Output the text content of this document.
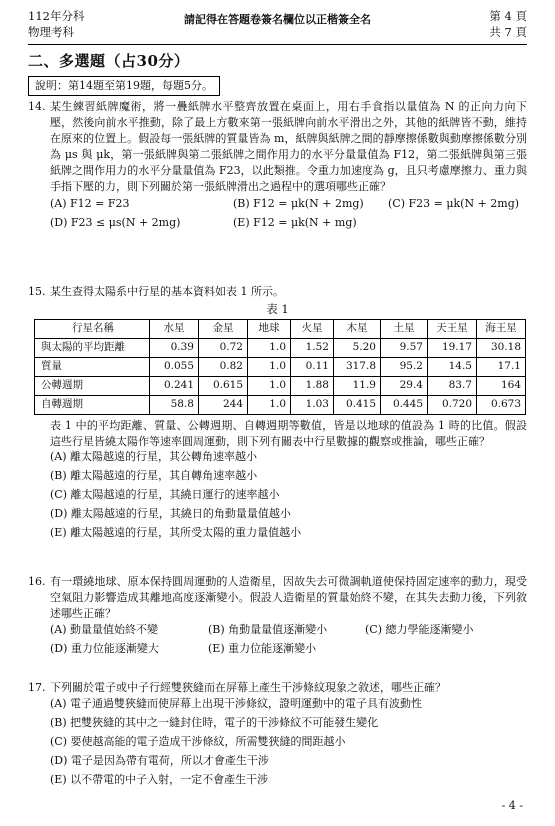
112年分科
物理考科
請記得在答題卷簽名欄位以正楷簽全名	第 4 頁
共 7 頁
二、多選題（占30分）
說明：第14題至第19題，每題5分。
14. 某生練習紙牌魔術，將一疊紙牌水平整齊放置在桌面上，用右手食指以量值為 N 的正向力向下壓，然後向前水平推動，除了最上方數來第一張紙牌向前水平滑出之外，其他的紙牌皆不動，維持在原來的位置上。假設每一張紙牌的質量皆為 m，紙牌與紙牌之間的靜摩擦係數與動摩擦係數分別為 μs 與 μk，第一張紙牌與第二張紙牌之間作用力的水平分量量值為 F12，第二張紙牌與第三張紙牌之間作用力的水平分量量值為 F23，以此類推。令重力加速度為 g，且只考慮摩擦力、重力與手指下壓的力，則下列關於第一張紙牌滑出之過程中的選項哪些正確？
(A) F12 = F23	(B) F12 = μk(N + 2mg) (C) F23 = μk(N + 2mg)
(D) F23 ≤ μs(N + 2mg)	(E) F12 = μk(N + mg)
15. 某生查得太陽系中行星的基本資料如表 1 所示。
表 1
行星名稱	水星	金星	地球	火星	木星	土星	天王星	海王星
與太陽的平均距離	0.39	0.72	1.0	1.52	5.20	9.57	19.17	30.18
質量	0.055	0.82	1.0	0.11	317.8	95.2	14.5	17.1
公轉週期	0.241	0.615	1.0	1.88	11.9	29.4	83.7	164
自轉週期	58.8	244	1.0	1.03	0.415	0.445	0.720	0.673
表 1 中的平均距離、質量、公轉週期、自轉週期等數值，皆是以地球的值設為 1 時的比值。假設這些行星皆繞太陽作等速率圓周運動，則下列有關表中行星數據的觀察或推論，哪些正確？
(A) 離太陽越遠的行星，其公轉角速率越小
(B) 離太陽越遠的行星，其自轉角速率越小
(C) 離太陽越遠的行星，其繞日運行的速率越小
(D) 離太陽越遠的行星，其繞日的角動量量值越小
(E) 離太陽越遠的行星，其所受太陽的重力量值越小
16. 有一環繞地球、原本保持圓周運動的人造衛星，因故失去可微調軌道使保持固定速率的動力，現受空氣阻力影響造成其離地高度逐漸變小。假設人造衛星的質量始終不變，在其失去動力後，下列敘述哪些正確？
(A) 動量量值始終不變	(B) 角動量量值逐漸變小	(C) 總力學能逐漸變小
(D) 重力位能逐漸變大	(E) 重力位能逐漸變小
17. 下列關於電子或中子行經雙狹縫而在屏幕上產生干涉條紋現象之敘述，哪些正確？
(A) 電子通過雙狹縫而使屏幕上出現干涉條紋，證明運動中的電子具有波動性
(B) 把雙狹縫的其中之一縫封住時，電子的干涉條紋不可能發生變化
(C) 要使越高能的電子造成干涉條紋，所需雙狹縫的間距越小
(D) 電子是因為帶有電荷，所以才會產生干涉
(E) 以不帶電的中子入射，一定不會產生干涉
- 4 -
